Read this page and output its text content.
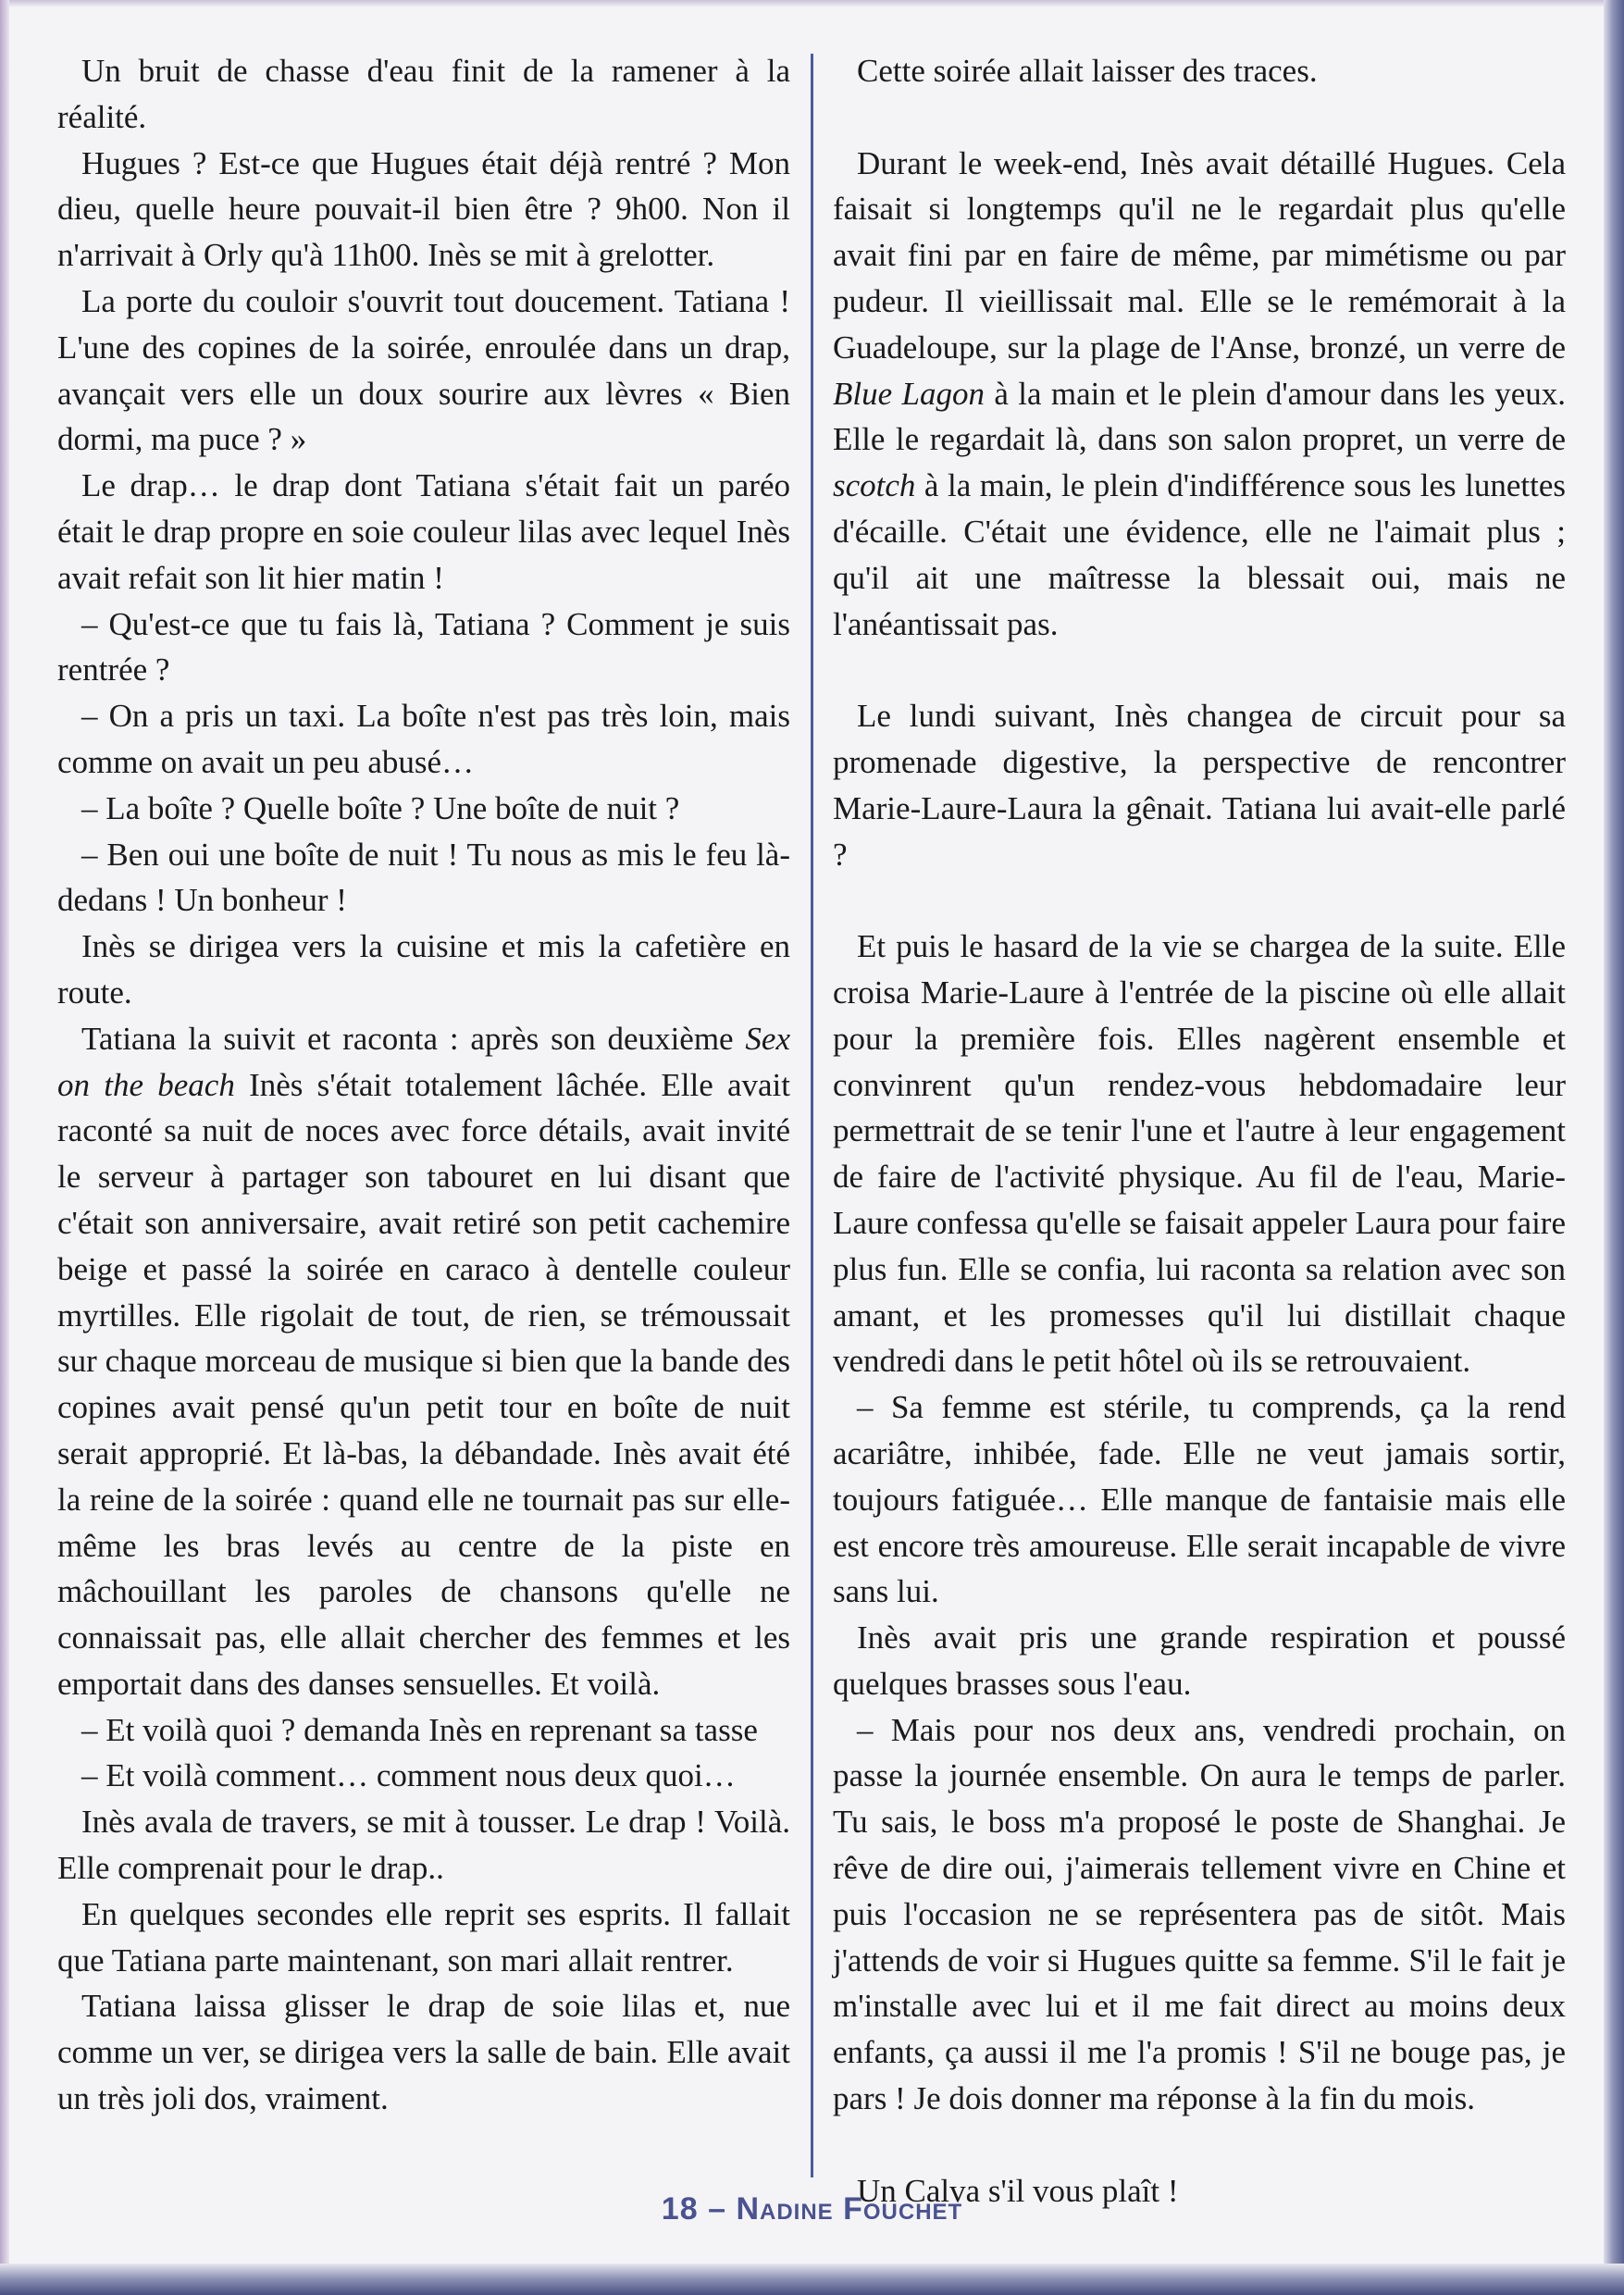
Un bruit de chasse d'eau finit de la ramener à la réalité.

Hugues ? Est-ce que Hugues était déjà rentré ? Mon dieu, quelle heure pouvait-il bien être ? 9h00. Non il n'arrivait à Orly qu'à 11h00. Inès se mit à grelotter.

La porte du couloir s'ouvrit tout doucement. Tatiana ! L'une des copines de la soirée, enroulée dans un drap, avançait vers elle un doux sourire aux lèvres « Bien dormi, ma puce ? »

Le drap… le drap dont Tatiana s'était fait un paréo était le drap propre en soie couleur lilas avec lequel Inès avait refait son lit hier matin !

– Qu'est-ce que tu fais là, Tatiana ? Comment je suis rentrée ?

– On a pris un taxi. La boîte n'est pas très loin, mais comme on avait un peu abusé…

– La boîte ? Quelle boîte ? Une boîte de nuit ?

– Ben oui une boîte de nuit ! Tu nous as mis le feu là-dedans ! Un bonheur !

Inès se dirigea vers la cuisine et mis la cafetière en route.

Tatiana la suivit et raconta : après son deuxième Sex on the beach Inès s'était totalement lâchée. Elle avait raconté sa nuit de noces avec force détails, avait invité le serveur à partager son tabouret en lui disant que c'était son anniversaire, avait retiré son petit cachemire beige et passé la soirée en caraco à dentelle couleur myrtilles. Elle rigolait de tout, de rien, se trémoussait sur chaque morceau de musique si bien que la bande des copines avait pensé qu'un petit tour en boîte de nuit serait approprié. Et là-bas, la débandade. Inès avait été la reine de la soirée : quand elle ne tournait pas sur elle-même les bras levés au centre de la piste en mâchouillant les paroles de chansons qu'elle ne connaissait pas, elle allait chercher des femmes et les emportait dans des danses sensuelles. Et voilà.

– Et voilà quoi ? demanda Inès en reprenant sa tasse

– Et voilà comment… comment nous deux quoi…

Inès avala de travers, se mit à tousser. Le drap ! Voilà. Elle comprenait pour le drap..

En quelques secondes elle reprit ses esprits. Il fallait que Tatiana parte maintenant, son mari allait rentrer.

Tatiana laissa glisser le drap de soie lilas et, nue comme un ver, se dirigea vers la salle de bain. Elle avait un très joli dos, vraiment.

Cette soirée allait laisser des traces.

Durant le week-end, Inès avait détaillé Hugues. Cela faisait si longtemps qu'il ne le regardait plus qu'elle avait fini par en faire de même, par mimétisme ou par pudeur. Il vieillissait mal. Elle se le remémorait à la Guadeloupe, sur la plage de l'Anse, bronzé, un verre de Blue Lagon à la main et le plein d'amour dans les yeux. Elle le regardait là, dans son salon propret, un verre de scotch à la main, le plein d'indifférence sous les lunettes d'écaille. C'était une évidence, elle ne l'aimait plus ; qu'il ait une maîtresse la blessait oui, mais ne l'anéantissait pas.

Le lundi suivant, Inès changea de circuit pour sa promenade digestive, la perspective de rencontrer Marie-Laure-Laura la gênait. Tatiana lui avait-elle parlé ?

Et puis le hasard de la vie se chargea de la suite. Elle croisa Marie-Laure à l'entrée de la piscine où elle allait pour la première fois. Elles nagèrent ensemble et convinrent qu'un rendez-vous hebdomadaire leur permettrait de se tenir l'une et l'autre à leur engagement de faire de l'activité physique. Au fil de l'eau, Marie-Laure confessa qu'elle se faisait appeler Laura pour faire plus fun. Elle se confia, lui raconta sa relation avec son amant, et les promesses qu'il lui distillait chaque vendredi dans le petit hôtel où ils se retrouvaient.

– Sa femme est stérile, tu comprends, ça la rend acariâtre, inhibée, fade. Elle ne veut jamais sortir, toujours fatiguée… Elle manque de fantaisie mais elle est encore très amoureuse. Elle serait incapable de vivre sans lui.

Inès avait pris une grande respiration et poussé quelques brasses sous l'eau.

– Mais pour nos deux ans, vendredi prochain, on passe la journée ensemble. On aura le temps de parler. Tu sais, le boss m'a proposé le poste de Shanghai. Je rêve de dire oui, j'aimerais tellement vivre en Chine et puis l'occasion ne se représentera pas de sitôt. Mais j'attends de voir si Hugues quitte sa femme. S'il le fait je m'installe avec lui et il me fait direct au moins deux enfants, ça aussi il me l'a promis ! S'il ne bouge pas, je pars ! Je dois donner ma réponse à la fin du mois.

Un Calva s'il vous plaît !

18 – Nadine Fouchet
